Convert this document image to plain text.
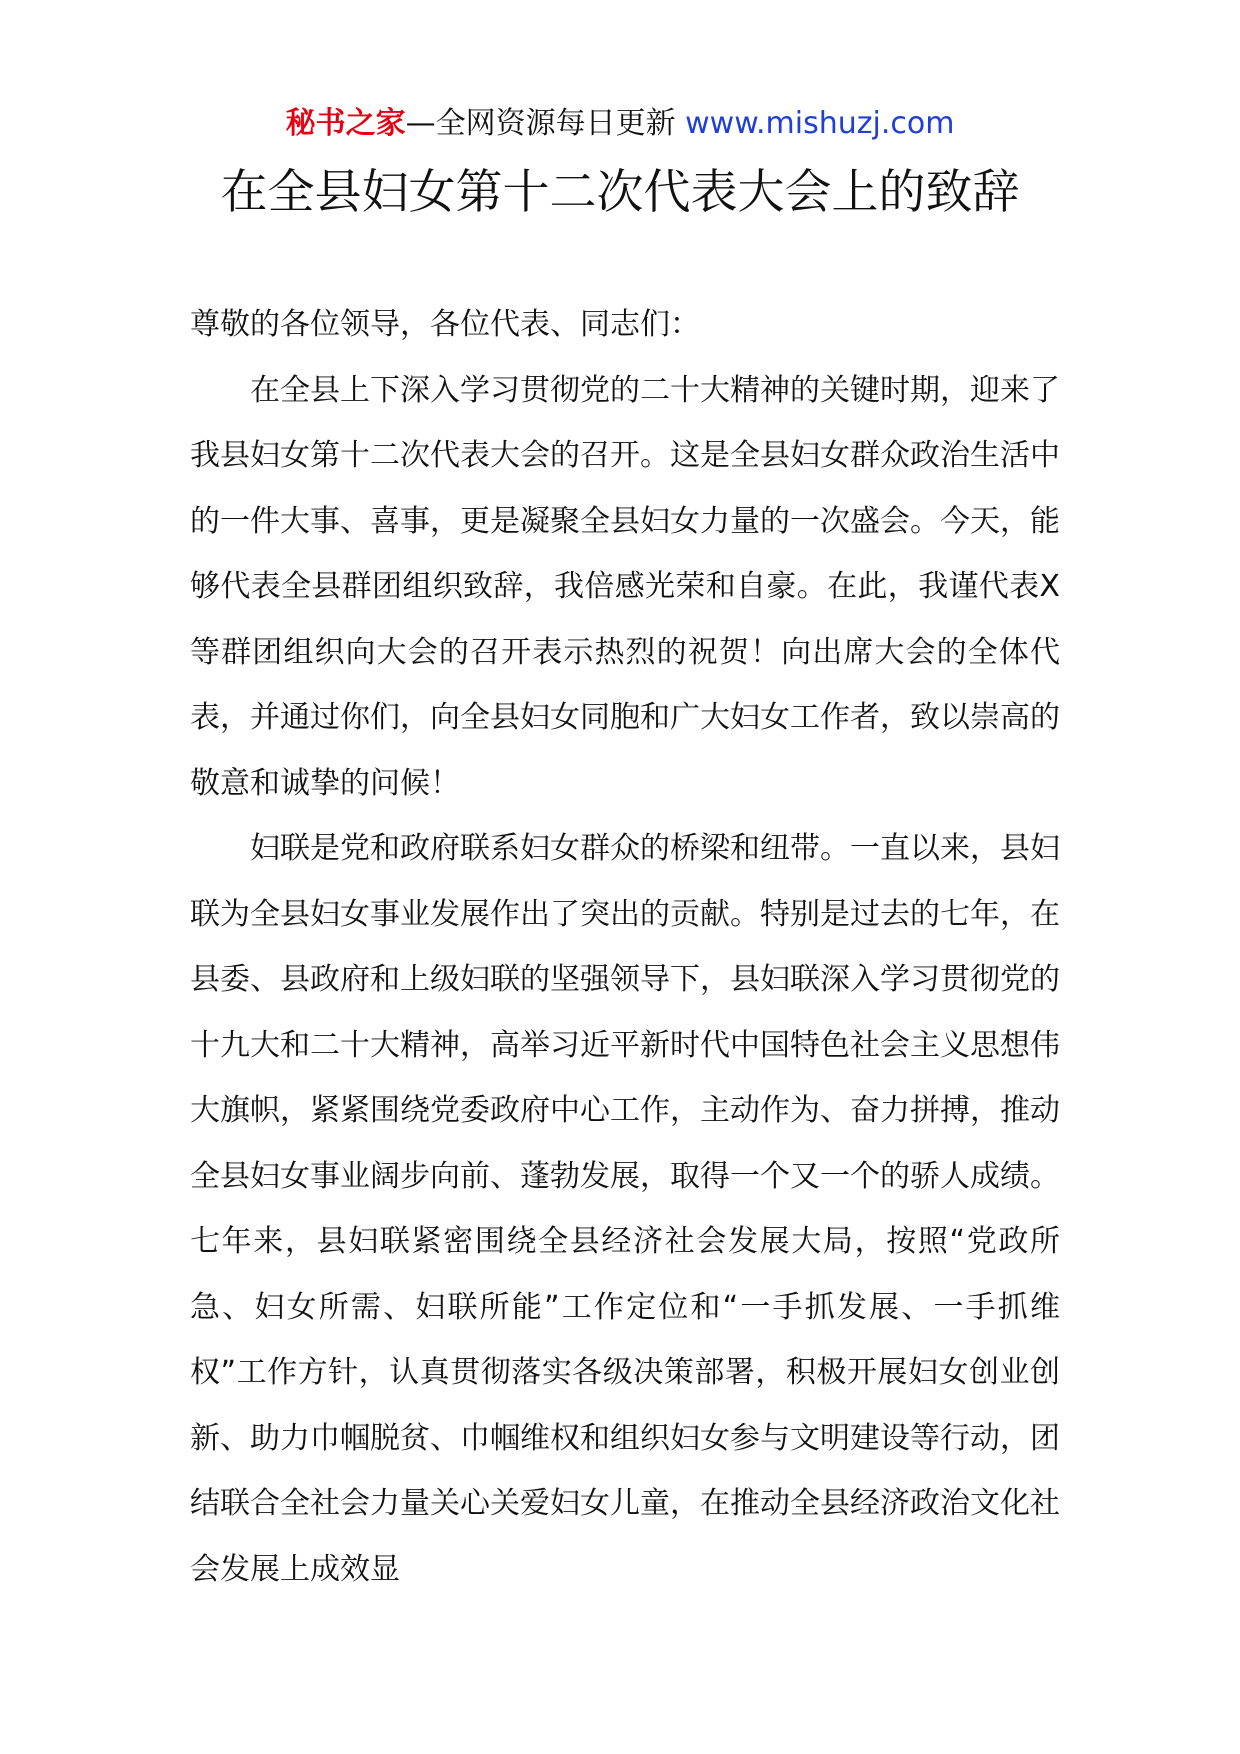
秘书之家—全网资源每日更新 www.mishuzj.com
在全县妇女第十二次代表大会上的致辞

尊敬的各位领导，各位代表、同志们：

在全县上下深入学习贯彻党的二十大精神的关键时期，迎来了我县妇女第十二次代表大会的召开。这是全县妇女群众政治生活中的一件大事、喜事，更是凝聚全县妇女力量的一次盛会。今天，能够代表全县群团组织致辞，我倍感光荣和自豪。在此，我谨代表X等群团组织向大会的召开表示热烈的祝贺！向出席大会的全体代表，并通过你们，向全县妇女同胞和广大妇女工作者，致以崇高的敬意和诚挚的问候！

妇联是党和政府联系妇女群众的桥梁和纽带。一直以来，县妇联为全县妇女事业发展作出了突出的贡献。特别是过去的七年，在县委、县政府和上级妇联的坚强领导下，县妇联深入学习贯彻党的十九大和二十大精神，高举习近平新时代中国特色社会主义思想伟大旗帜，紧紧围绕党委政府中心工作，主动作为、奋力拼搏，推动全县妇女事业阔步向前、蓬勃发展，取得一个又一个的骄人成绩。七年来，县妇联紧密围绕全县经济社会发展大局，按照“党政所急、妇女所需、妇联所能”工作定位和“一手抓发展、一手抓维权”工作方针，认真贯彻落实各级决策部署，积极开展妇女创业创新、助力巾帼脱贫、巾帼维权和组织妇女参与文明建设等行动，团结联合全社会力量关心关爱妇女儿童，在推动全县经济政治文化社会发展上成效显
